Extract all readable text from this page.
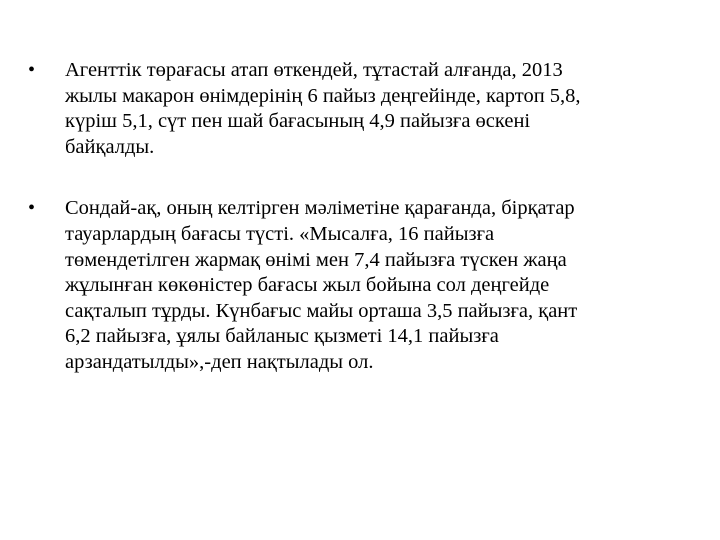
•	Агенттік төрағасы атап өткендей, тұтастай алғанда, 2013
жылы макарон өнімдерінің 6 пайыз деңгейінде, картоп 5,8,
күріш 5,1, сүт пен шай бағасының 4,9 пайызға өскені
байқалды.
•	Сондай-ақ, оның келтірген мәліметіне қарағанда, бірқатар
тауарлардың бағасы түсті. «Мысалға, 16 пайызға
төмендетілген жармақ өнімі мен 7,4 пайызға түскен жаңа
жұлынған көкөністер бағасы жыл бойына сол деңгейде
сақталып тұрды. Күнбағыс майы орташа 3,5 пайызға, қант
6,2 пайызға, ұялы байланыс қызметі 14,1 пайызға
арзандатылды»,-деп нақтылады ол.
